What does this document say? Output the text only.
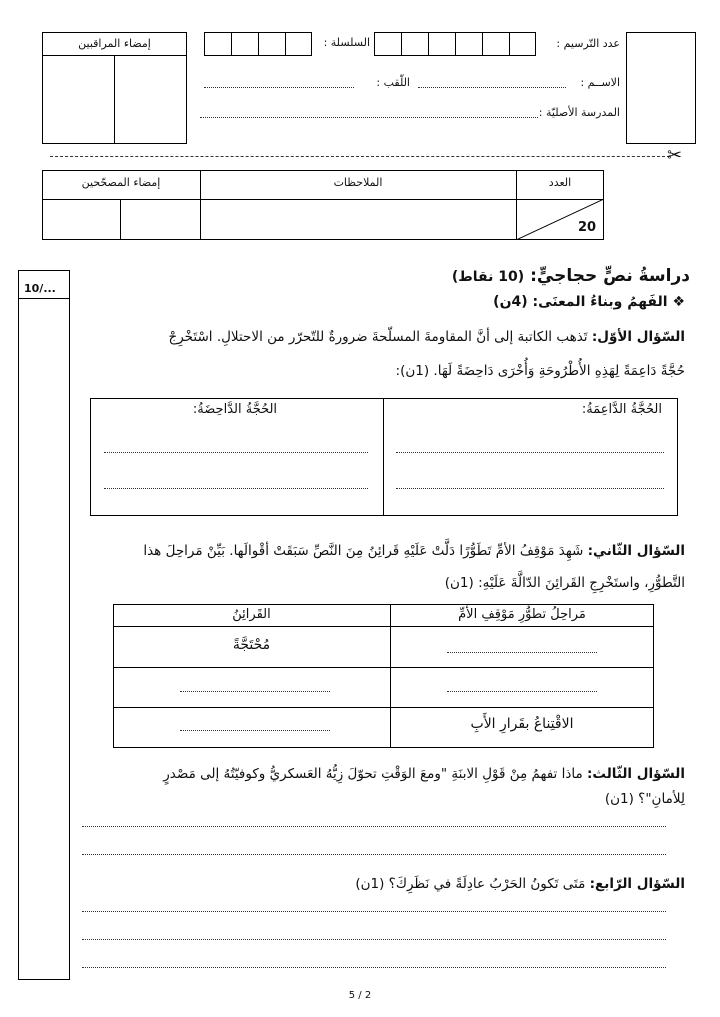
إمضاء المراقبين	السلسلة :	عدد التّرسيم :
الاســم :
اللّقب :
المدرسة الأصليّة :
✂
العدد
الملاحظات
إمضاء المصحّحين
20
10/...
دراسةُ نصٍّ حجاجيٍّ: (10 نقاط)
❖ الفَهمُ وبناءُ المعنَى: (4ن)
السّؤال الأوّل: تَذهب الكاتبة إلى أنَّ المقاومةَ المسلّحةَ ضرورةٌ للتّحرّر من الاحتلالِ. اسْتَخْرِجْ
حُجَّةً دَاعِمَةً لِهَذِهِ الأُطْرُوحَةِ وَأُخْرَى دَاحِضَةً لَهَا. (1ن):
الحُجَّةُ الدَّاعِمَةُ:
الحُجَّةُ الدَّاحِضَةُ:
السّؤال الثّاني: شَهِدَ مَوْقِفُ الأمِّ تَطَوُّرًا دَلَّتْ عَلَيْهِ قَرائِنُ مِنَ النَّصِّ سَبَقَتْ أقْوالَها. بَيِّنْ مَراحِلَ هذا
التَّطوُّرِ، واستَخْرِجِ القَرائِنَ الدّالَّةَ عَلَيْهِ: (1ن)
مَراحِلُ تطوُّرِ مَوْقِفِ الأمِّ
القَرائِنُ
مُحْتَجَّةً
الاقْتِناعُ بقَرارِ الأَبِ
السّؤال الثّالث: ماذا تفهمُ مِنْ قَوْلِ الابنَةِ "ومعَ الوَقْتِ تحوّلَ زِيُّهُ العَسكريُّ وكوفيّتُهُ إلى مَصْدرٍ
لِلأمانِ"؟ (1ن)
السّؤال الرّابع: مَتَى تَكونُ الحَرْبُ عادِلَةً في نَظَرِكَ؟ (1ن)
5 / 2
